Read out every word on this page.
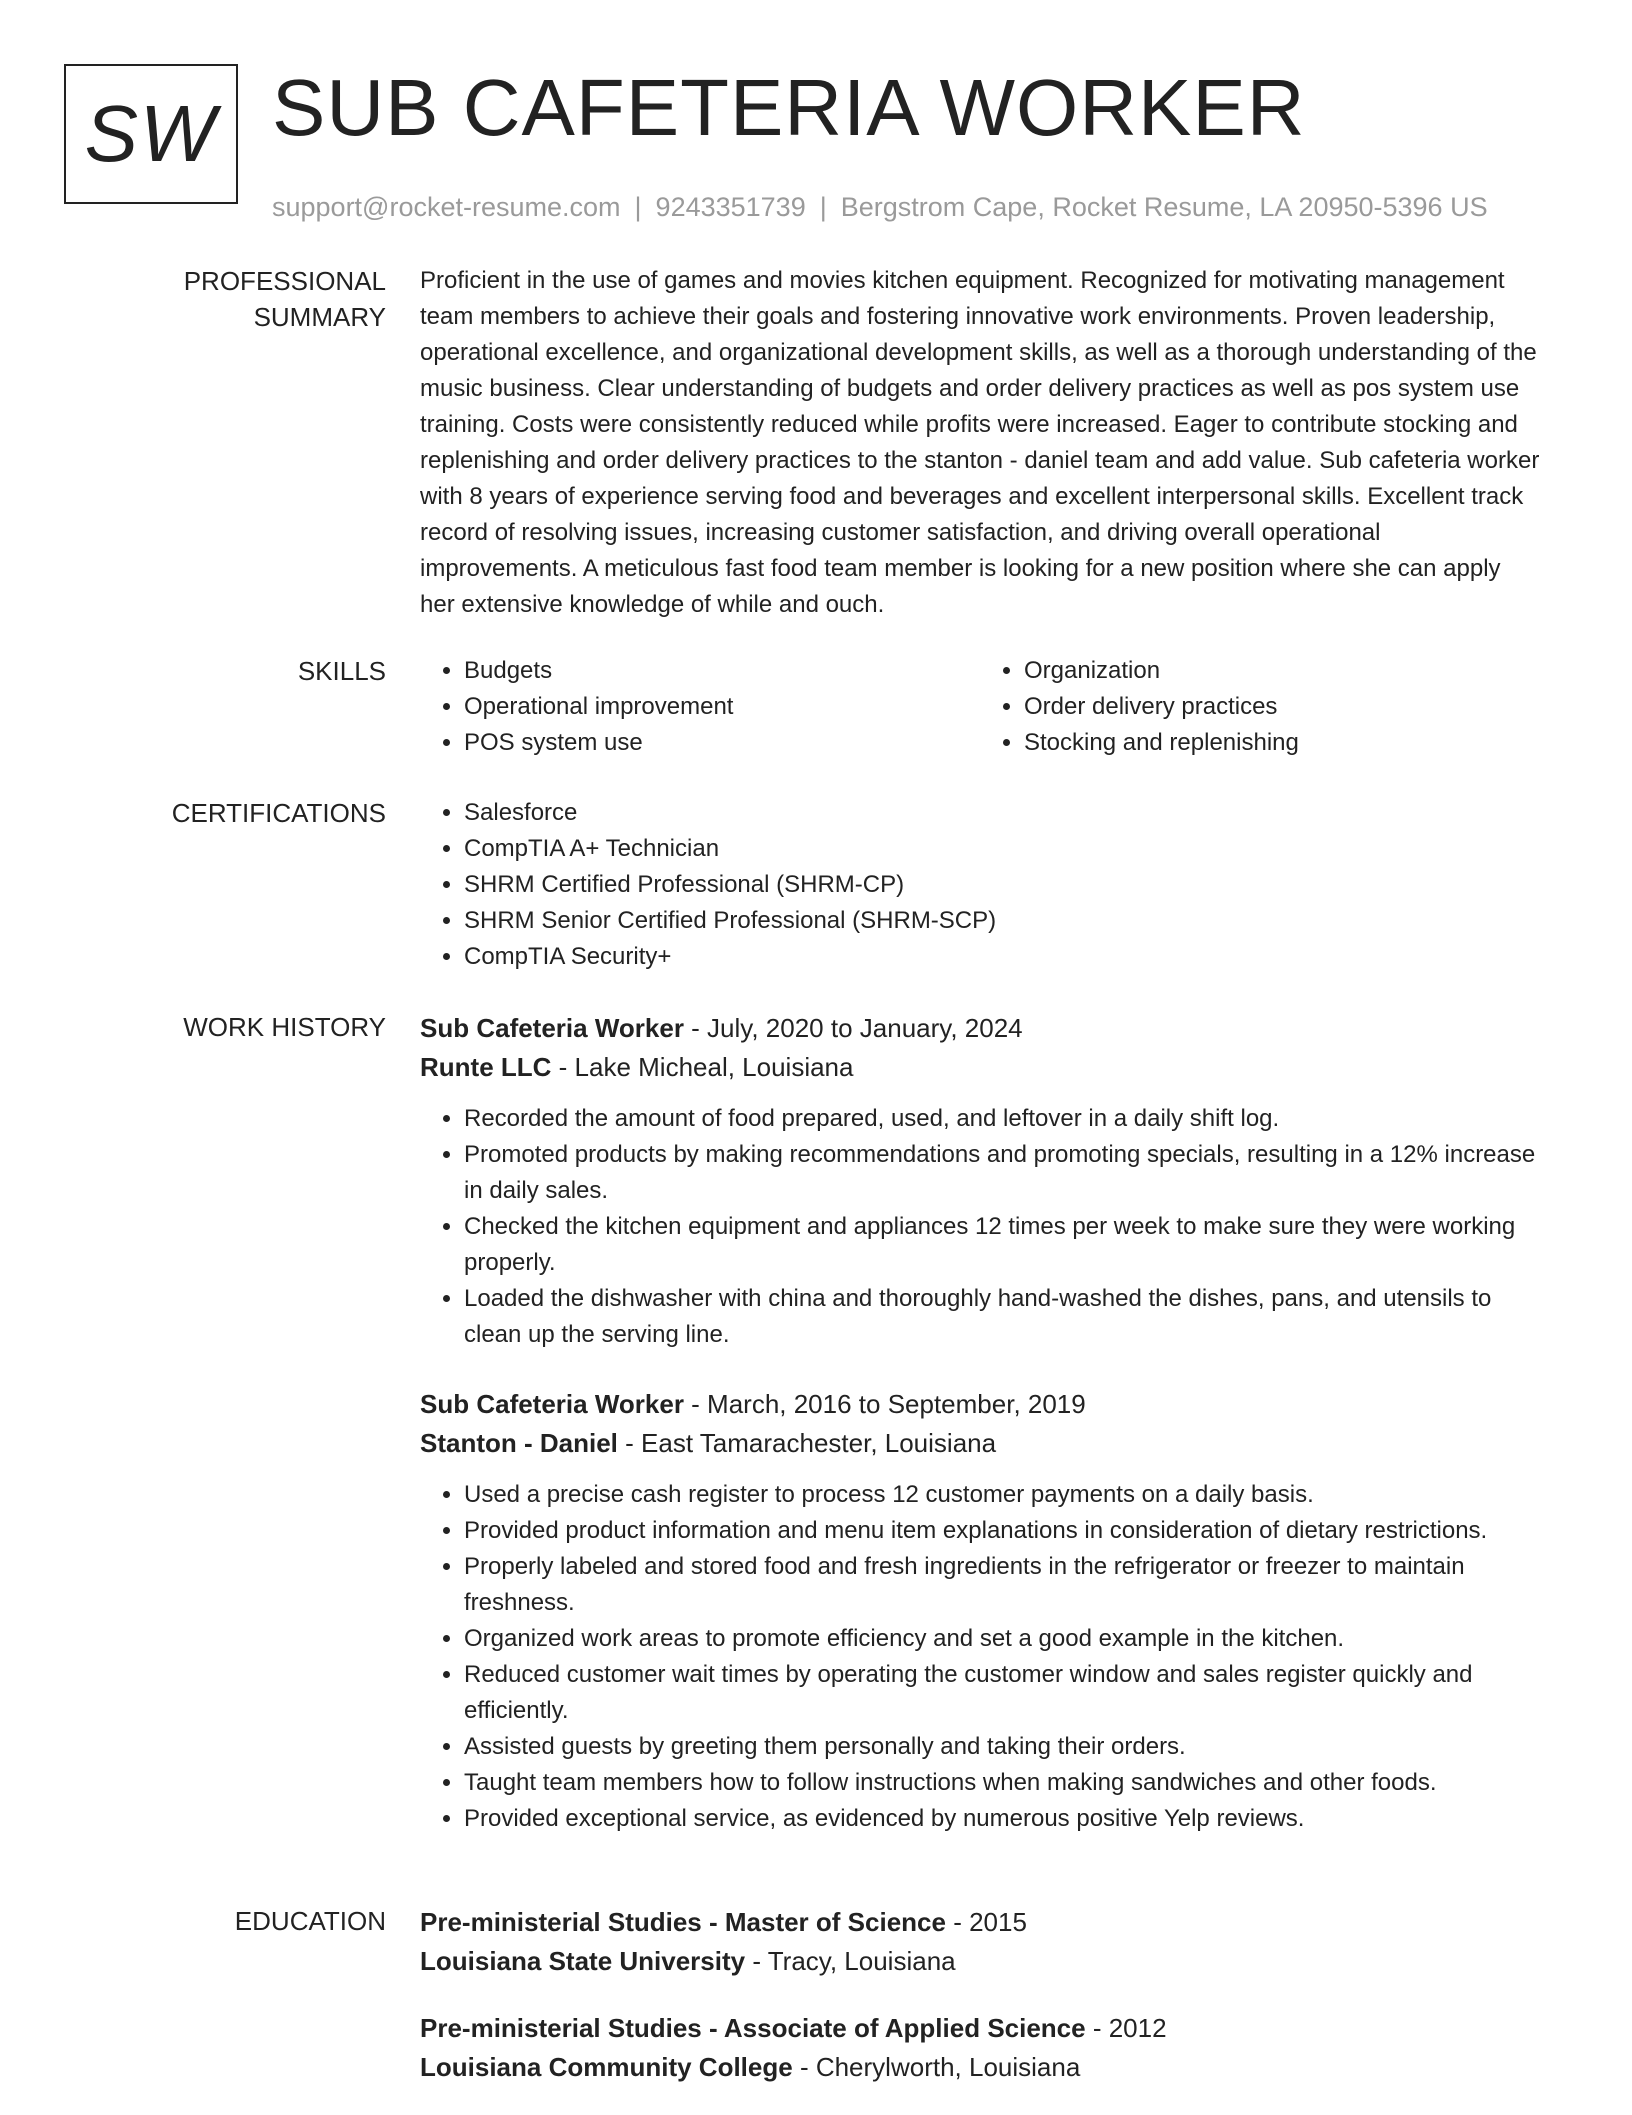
SW SUB CAFETERIA WORKER
support@rocket-resume.com | 9243351739 | Bergstrom Cape, Rocket Resume, LA 20950-5396 US
PROFESSIONAL SUMMARY
Proficient in the use of games and movies kitchen equipment. Recognized for motivating management team members to achieve their goals and fostering innovative work environments. Proven leadership, operational excellence, and organizational development skills, as well as a thorough understanding of the music business. Clear understanding of budgets and order delivery practices as well as pos system use training. Costs were consistently reduced while profits were increased. Eager to contribute stocking and replenishing and order delivery practices to the stanton - daniel team and add value. Sub cafeteria worker with 8 years of experience serving food and beverages and excellent interpersonal skills. Excellent track record of resolving issues, increasing customer satisfaction, and driving overall operational improvements. A meticulous fast food team member is looking for a new position where she can apply her extensive knowledge of while and ouch.
SKILLS	• Budgets
• Operational improvement
• POS system use
• Organization
• Order delivery practices
• Stocking and replenishing
CERTIFICATIONS	• Salesforce
• CompTIA A+ Technician
• SHRM Certified Professional (SHRM-CP)
• SHRM Senior Certified Professional (SHRM-SCP)
• CompTIA Security+
WORK HISTORY	Sub Cafeteria Worker - July, 2020 to January, 2024
Runte LLC - Lake Micheal, Louisiana
• Recorded the amount of food prepared, used, and leftover in a daily shift log.
• Promoted products by making recommendations and promoting specials, resulting in a 12% increase in daily sales.
• Checked the kitchen equipment and appliances 12 times per week to make sure they were working properly.
• Loaded the dishwasher with china and thoroughly hand-washed the dishes, pans, and utensils to clean up the serving line.
Sub Cafeteria Worker - March, 2016 to September, 2019
Stanton - Daniel - East Tamarachester, Louisiana
• Used a precise cash register to process 12 customer payments on a daily basis.
• Provided product information and menu item explanations in consideration of dietary restrictions.
• Properly labeled and stored food and fresh ingredients in the refrigerator or freezer to maintain freshness.
• Organized work areas to promote efficiency and set a good example in the kitchen.
• Reduced customer wait times by operating the customer window and sales register quickly and efficiently.
• Assisted guests by greeting them personally and taking their orders.
• Taught team members how to follow instructions when making sandwiches and other foods.
• Provided exceptional service, as evidenced by numerous positive Yelp reviews.
EDUCATION	Pre-ministerial Studies - Master of Science - 2015
Louisiana State University - Tracy, Louisiana
Pre-ministerial Studies - Associate of Applied Science - 2012
Louisiana Community College - Cherylworth, Louisiana
